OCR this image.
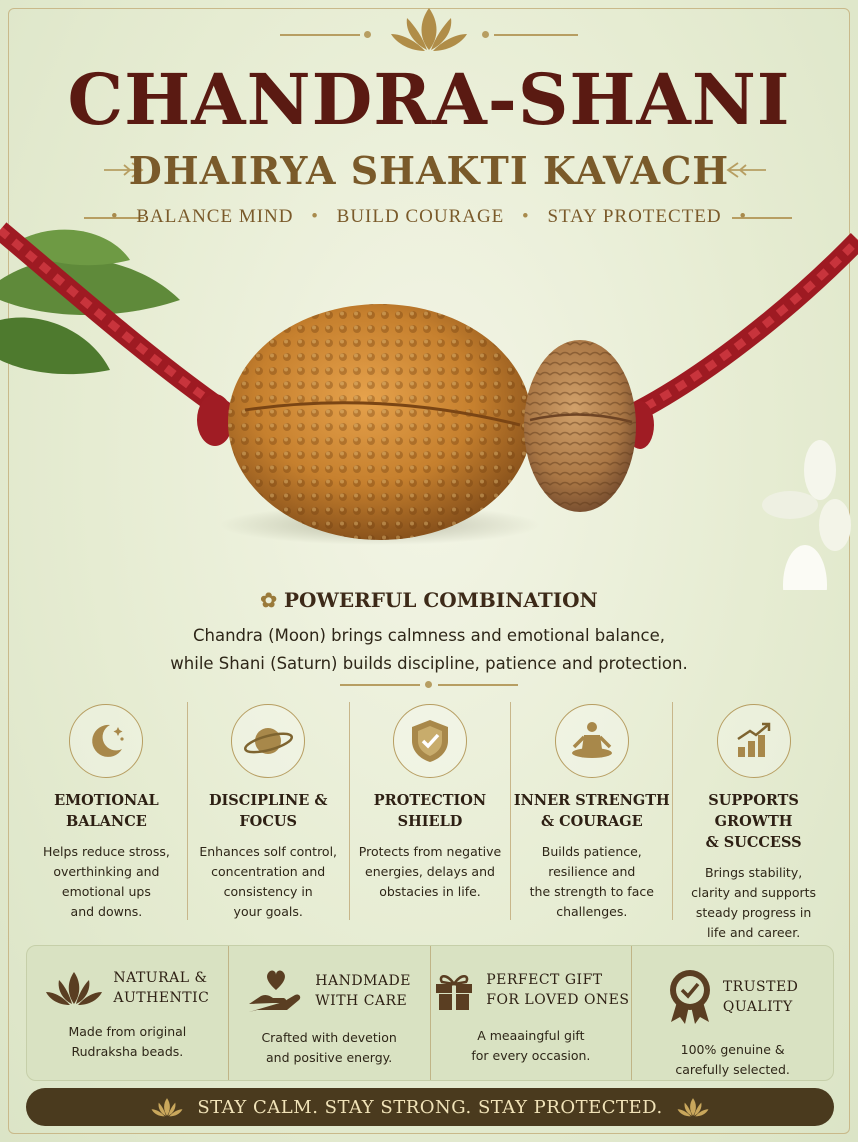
CHANDRA-SHANI
DHAIRYA SHAKTI KAVACH
• BALANCE MIND • BUILD COURAGE • STAY PROTECTED •
✿ POWERFUL COMBINATION
Chandra (Moon) brings calmness and emotional balance,
while Shani (Saturn) builds discipline, patience and protection.
EMOTIONAL
BALANCE
Helps reduce stross,
overthinking and
emotional ups
and downs.
DISCIPLINE &
FOCUS
Enhances solf control,
concentration and
consistency in
your goals.
PROTECTION
SHIELD
Protects from negative
energies, delays and
obstacies in life.
INNER STRENGTH
& COURAGE
Builds patience,
resilience and
the strength to face
challenges.
SUPPORTS GROWTH
& SUCCESS
Brings stability,
clarity and supports
steady progress in
life and career.
NATURAL &
AUTHENTIC
Made from original
Rudraksha beads.
HANDMADE
WITH CARE
Crafted with devetion
and positive energy.
PERFECT GIFT
FOR LOVED ONES
A meaaingful gift
for every occasion.
TRUSTED
QUALITY
100% genuine &
carefully selected.
STAY CALM. STAY STRONG. STAY PROTECTED.
